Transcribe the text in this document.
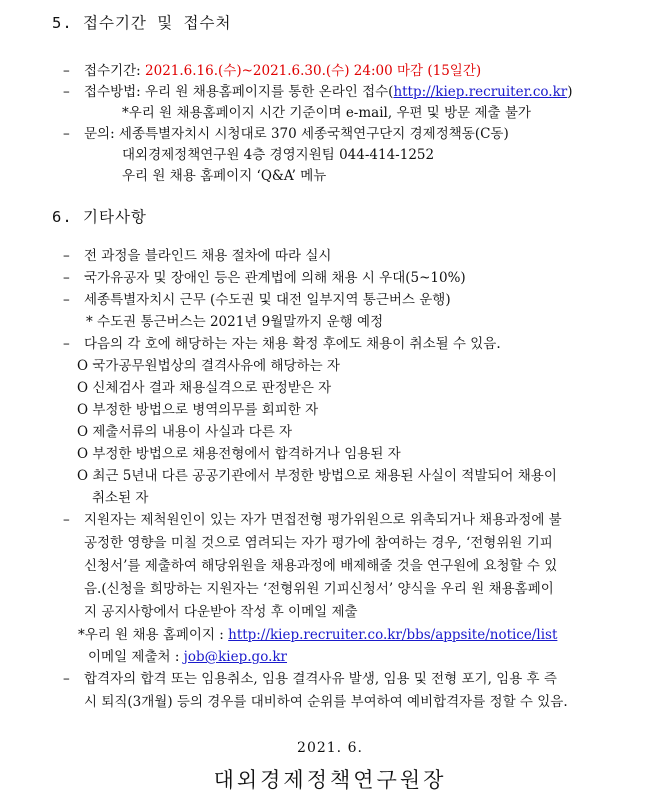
5. 접수기간 및 접수처
– 접수기간: 2021.6.16.(수)~2021.6.30.(수) 24:00 마감 (15일간)
– 접수방법: 우리 원 채용홈페이지를 통한 온라인 접수(http://kiep.recruiter.co.kr)
*우리 원 채용홈페이지 시간 기준이며 e-mail, 우편 및 방문 제출 불가
– 문의: 세종특별자치시 시청대로 370 세종국책연구단지 경제정책동(C동)
대외경제정책연구원 4층 경영지원팀 044-414-1252
우리 원 채용 홈페이지 ‘Q&A’ 메뉴
6. 기타사항
– 전 과정을 블라인드 채용 절차에 따라 실시
– 국가유공자 및 장애인 등은 관계법에 의해 채용 시 우대(5~10%)
– 세종특별자치시 근무 (수도권 및 대전 일부지역 통근버스 운행)
* 수도권 통근버스는 2021년 9월말까지 운행 예정
– 다음의 각 호에 해당하는 자는 채용 확정 후에도 채용이 취소될 수 있음.
O 국가공무원법상의 결격사유에 해당하는 자
O 신체검사 결과 채용실격으로 판정받은 자
O 부정한 방법으로 병역의무를 회피한 자
O 제출서류의 내용이 사실과 다른 자
O 부정한 방법으로 채용전형에서 합격하거나 임용된 자
O 최근 5년내 다른 공공기관에서 부정한 방법으로 채용된 사실이 적발되어 채용이
취소된 자
– 지원자는 제척원인이 있는 자가 면접전형 평가위원으로 위촉되거나 채용과정에 불
공정한 영향을 미칠 것으로 염려되는 자가 평가에 참여하는 경우, ‘전형위원 기피
신청서’를 제출하여 해당위원을 채용과정에 배제해줄 것을 연구원에 요청할 수 있
음.(신청을 희망하는 지원자는 ‘전형위원 기피신청서’ 양식을 우리 원 채용홈페이
지 공지사항에서 다운받아 작성 후 이메일 제출
*우리 원 채용 홈페이지 : http://kiep.recruiter.co.kr/bbs/appsite/notice/list
이메일 제출처 : job@kiep.go.kr
– 합격자의 합격 또는 임용취소, 임용 결격사유 발생, 임용 및 전형 포기, 임용 후 즉
시 퇴직(3개월) 등의 경우를 대비하여 순위를 부여하여 예비합격자를 정할 수 있음.
2021. 6.
대외경제정책연구원장
